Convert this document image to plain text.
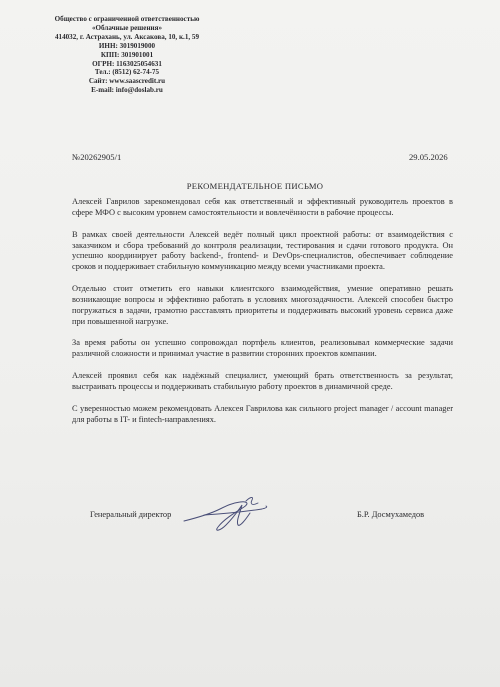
Общество с ограниченной ответственностью
«Облачные решения»
414032, г. Астрахань, ул. Аксакова, 10, к.1, 59
ИНН: 3019019000
КПП: 301901001
ОГРН: 1163025054631
Тел.: (8512) 62-74-75
Сайт: www.saascredit.ru
E-mail: info@doslab.ru
№20262905/1	29.05.2026
РЕКОМЕНДАТЕЛЬНОЕ ПИСЬМО

Алексей Гаврилов зарекомендовал себя как ответственный и эффективный руководитель проектов в сфере МФО с высоким уровнем самостоятельности и вовлечённости в рабочие процессы.

В рамках своей деятельности Алексей ведёт полный цикл проектной работы: от взаимодействия с заказчиком и сбора требований до контроля реализации, тестирования и сдачи готового продукта. Он успешно координирует работу backend-, frontend- и DevOps-специалистов, обеспечивает соблюдение сроков и поддерживает стабильную коммуникацию между всеми участниками проекта.

Отдельно стоит отметить его навыки клиентского взаимодействия, умение оперативно решать возникающие вопросы и эффективно работать в условиях многозадачности. Алексей способен быстро погружаться в задачи, грамотно расставлять приоритеты и поддерживать высокий уровень сервиса даже при повышенной нагрузке.

За время работы он успешно сопровождал портфель клиентов, реализовывал коммерческие задачи различной сложности и принимал участие в развитии сторонних проектов компании.

Алексей проявил себя как надёжный специалист, умеющий брать ответственность за результат, выстраивать процессы и поддерживать стабильную работу проектов в динамичной среде.

С уверенностью можем рекомендовать Алексея Гаврилова как сильного project manager / account manager для работы в IT- и fintech-направлениях.

Генеральный директор	Б.Р. Досмухамедов
